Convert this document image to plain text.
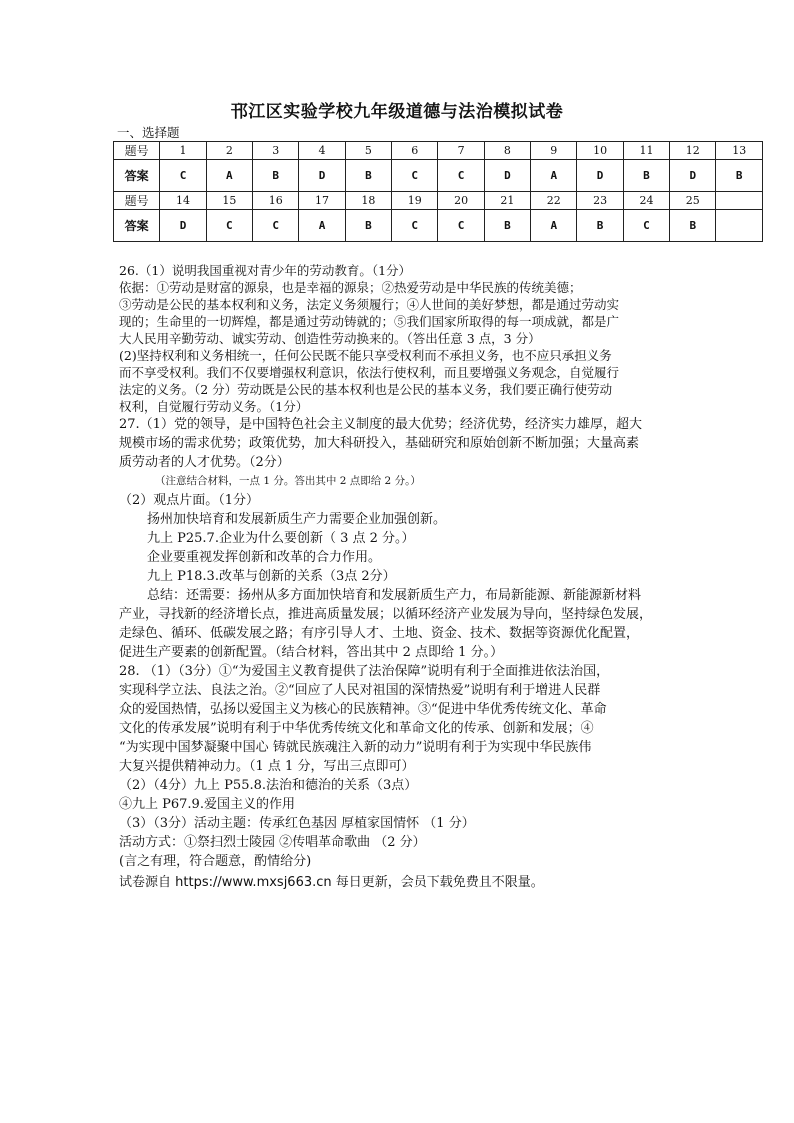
邗江区实验学校九年级道德与法治模拟试卷
一、选择题
题号	1	2	3	4	5	6	7	8	9	10	11	12	13
答案	C	A	B	D	B	C	C	D	A	D	B	D	B
题号	14	15	16	17	18	19	20	21	22	23	24	25	
答案	D	C	C	A	B	C	C	B	A	B	C	B	

26.（1）说明我国重视对青少年的劳动教育。（1分）

依据：①劳动是财富的源泉，也是幸福的源泉；②热爱劳动是中华民族的传统美德；

③劳动是公民的基本权利和义务，法定义务须履行；④人世间的美好梦想，都是通过劳动实

现的；生命里的一切辉煌，都是通过劳动铸就的；⑤我们国家所取得的每一项成就，都是广

大人民用辛勤劳动、诚实劳动、创造性劳动换来的。（答出任意 3 点，3 分）

(2)坚持权利和义务相统一，任何公民既不能只享受权利而不承担义务，也不应只承担义务

而不享受权利。我们不仅要增强权利意识，依法行使权利，而且要增强义务观念，自觉履行

法定的义务。（2 分）劳动既是公民的基本权利也是公民的基本义务，我们要正确行使劳动

权利，自觉履行劳动义务。（1分）

27.（1）党的领导，是中国特色社会主义制度的最大优势；经济优势，经济实力雄厚，超大

规模市场的需求优势；政策优势，加大科研投入，基础研究和原始创新不断加强；大量高素

质劳动者的人才优势。（2分）

（注意结合材料，一点 1 分。答出其中 2 点即给 2 分。）

（2）观点片面。（1分）

扬州加快培育和发展新质生产力需要企业加强创新。

九上 P25.7.企业为什么要创新（ 3 点 2 分。）

企业要重视发挥创新和改革的合力作用。

九上 P18.3.改革与创新的关系（3点 2分）

总结：还需要：扬州从多方面加快培育和发展新质生产力，布局新能源、新能源新材料

产业，寻找新的经济增长点，推进高质量发展；以循环经济产业发展为导向，坚持绿色发展，

走绿色、循环、低碳发展之路；有序引导人才、土地、资金、技术、数据等资源优化配置，

促进生产要素的创新配置。（结合材料，答出其中 2 点即给 1 分。）

28. （1）（3分）①“为爱国主义教育提供了法治保障”说明有利于全面推进依法治国，

实现科学立法、良法之治。②“回应了人民对祖国的深情热爱”说明有利于增进人民群

众的爱国热情，弘扬以爱国主义为核心的民族精神。③“促进中华优秀传统文化、革命

文化的传承发展”说明有利于中华优秀传统文化和革命文化的传承、创新和发展；④

“为实现中国梦凝聚中国心 铸就民族魂注入新的动力”说明有利于为实现中华民族伟

大复兴提供精神动力。（1 点 1 分，写出三点即可）

（2）（4分）九上 P55.8.法治和德治的关系（3点）

④九上 P67.9.爱国主义的作用

（3）（3分）活动主题：传承红色基因 厚植家国情怀 （1 分）

活动方式：①祭扫烈士陵园 ②传唱革命歌曲 （2 分）

(言之有理，符合题意，酌情给分)

试卷源自 https://www.mxsj663.cn 每日更新，会员下载免费且不限量。
